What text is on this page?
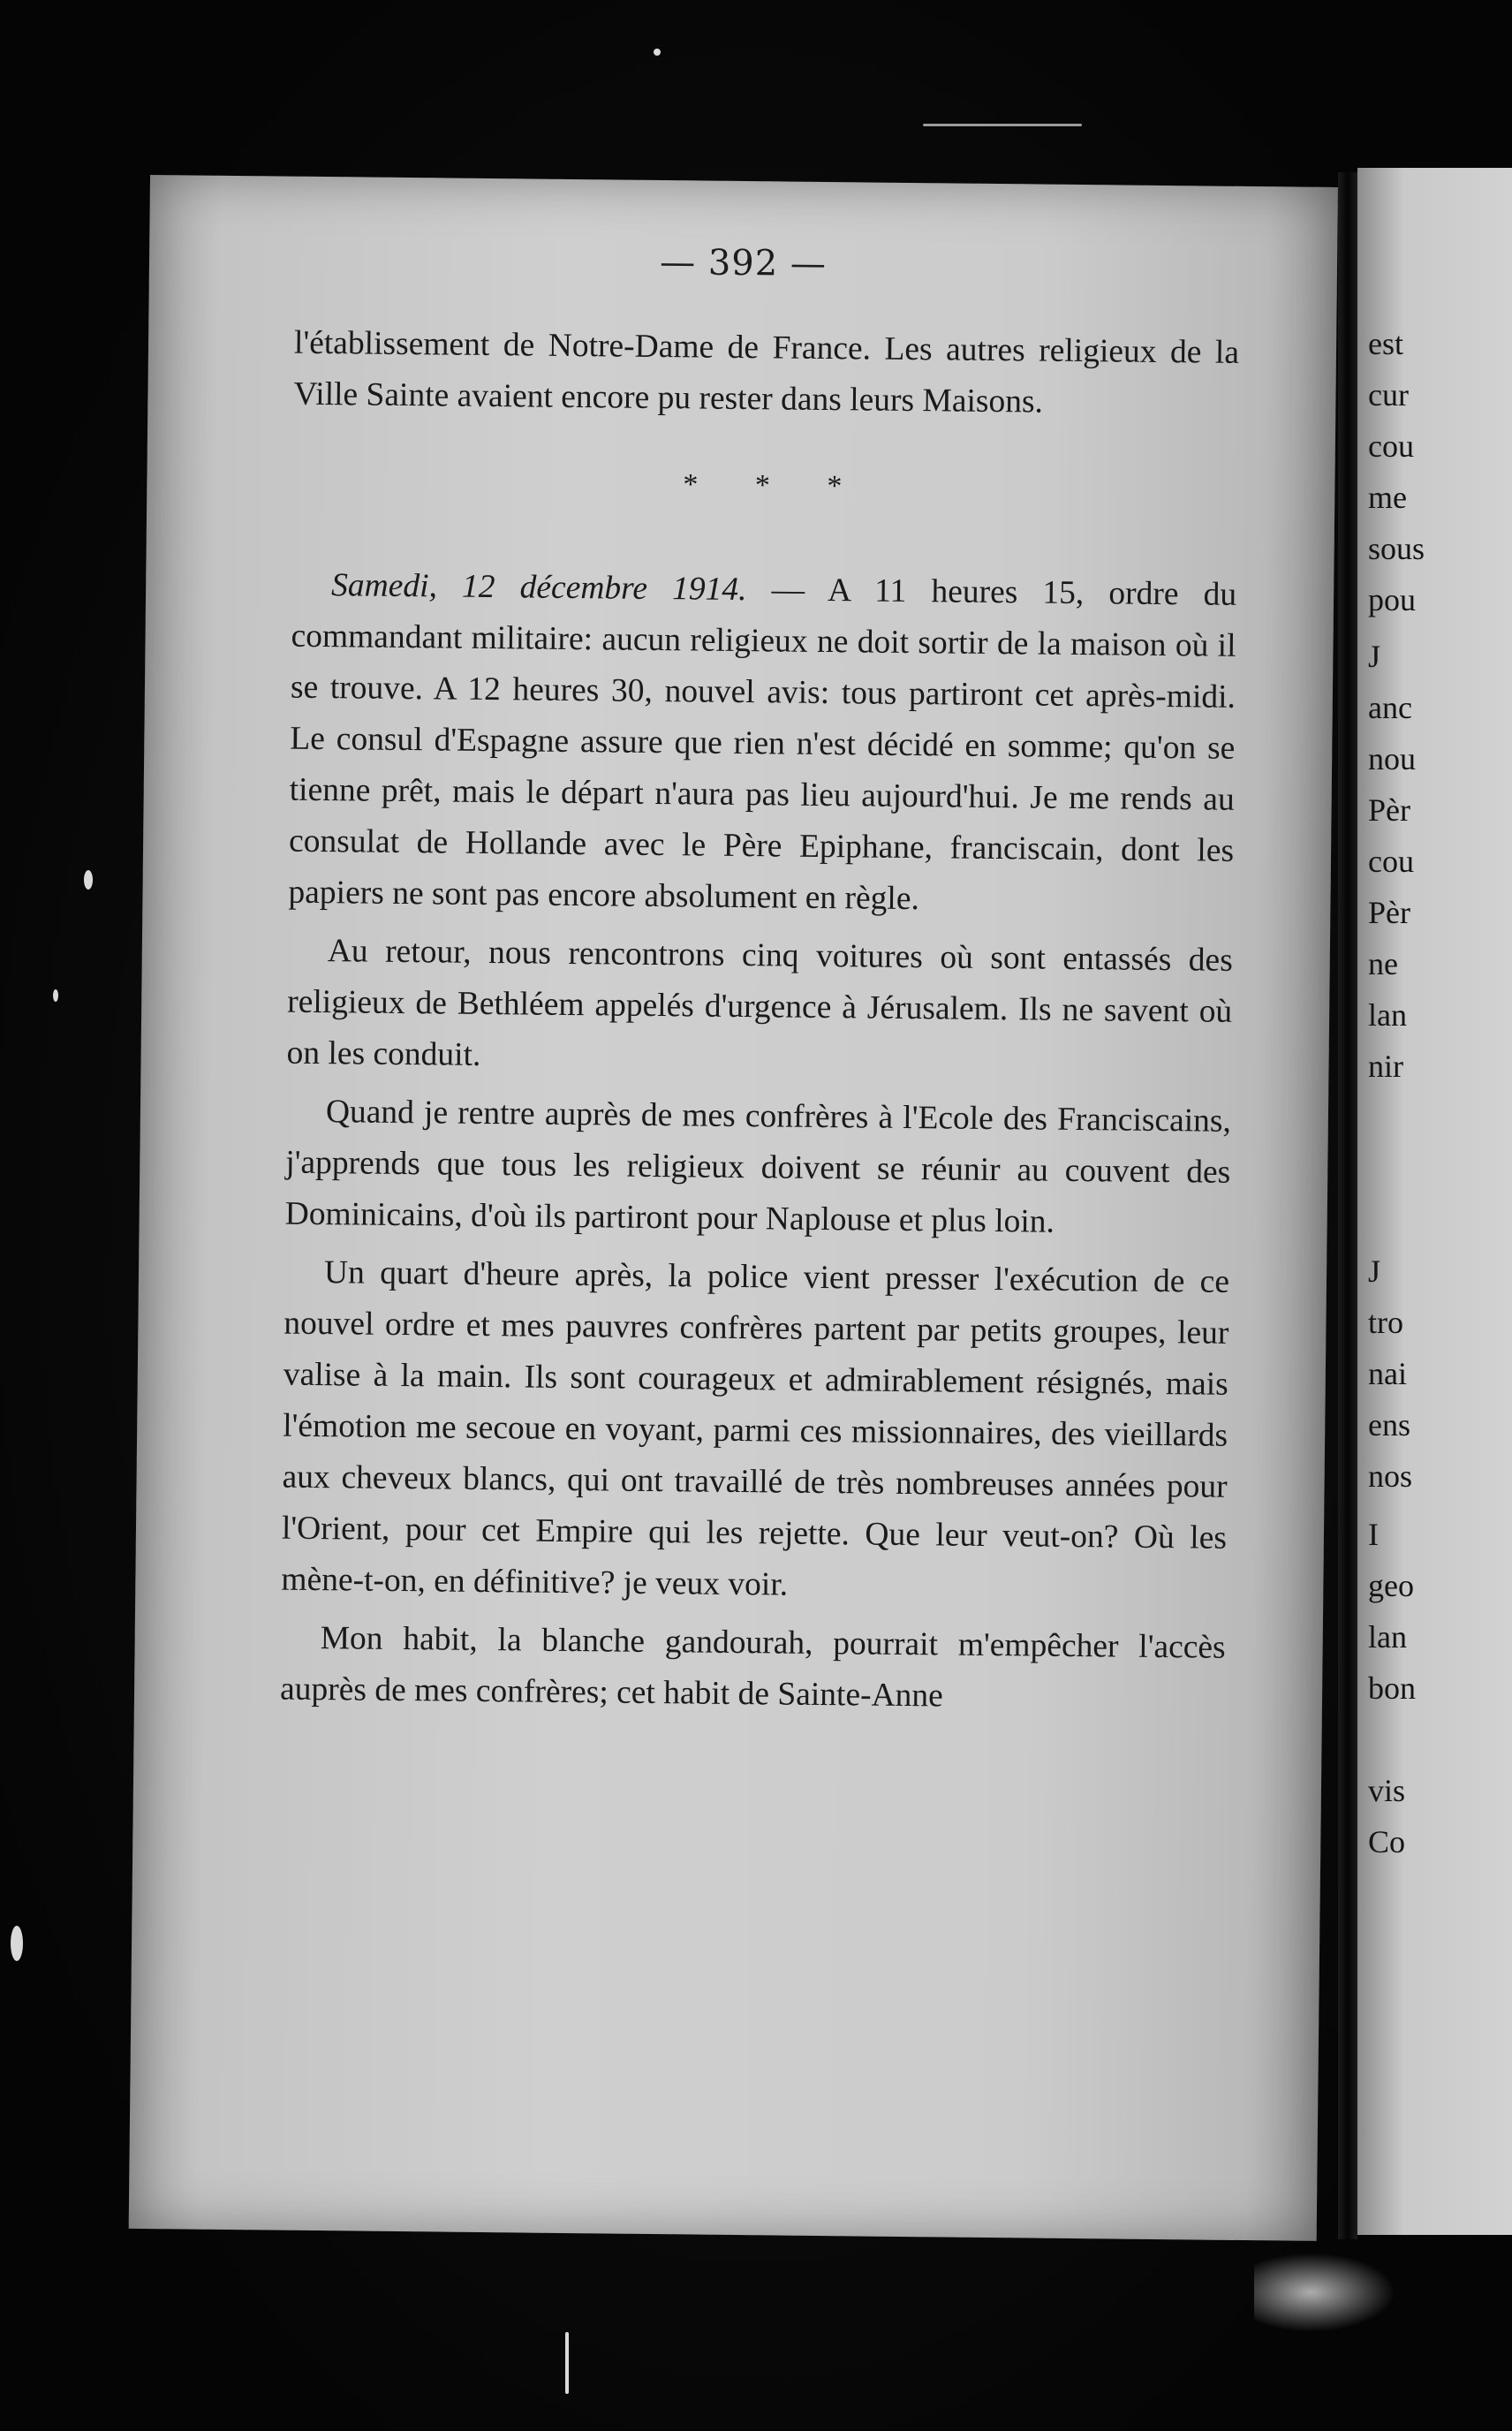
— 392 —

l'établissement de Notre-Dame de France. Les autres religieux de la Ville Sainte avaient encore pu rester dans leurs Maisons.

* * *

Samedi, 12 décembre 1914. — A 11 heures 15, ordre du commandant militaire: aucun religieux ne doit sortir de la maison où il se trouve. A 12 heures 30, nouvel avis: tous partiront cet après-midi. Le consul d'Espagne assure que rien n'est décidé en somme; qu'on se tienne prêt, mais le départ n'aura pas lieu aujourd'hui. Je me rends au consulat de Hollande avec le Père Epiphane, franciscain, dont les papiers ne sont pas encore absolument en règle.

Au retour, nous rencontrons cinq voitures où sont entassés des religieux de Bethléem appelés d'urgence à Jérusalem. Ils ne savent où on les conduit.

Quand je rentre auprès de mes confrères à l'Ecole des Franciscains, j'apprends que tous les religieux doivent se réunir au couvent des Dominicains, d'où ils partiront pour Naplouse et plus loin.

Un quart d'heure après, la police vient presser l'exécution de ce nouvel ordre et mes pauvres confrères partent par petits groupes, leur valise à la main. Ils sont courageux et admirablement résignés, mais l'émotion me secoue en voyant, parmi ces missionnaires, des vieillards aux cheveux blancs, qui ont travaillé de très nombreuses années pour l'Orient, pour cet Empire qui les rejette. Que leur veut-on? Où les mène-t-on, en définitive? je veux voir.

Mon habit, la blanche gandourah, pourrait m'empêcher l'accès auprès de mes confrères; cet habit de Sainte-Anne

est
cur
cou
me
sous
pou
J
anc
nou
Pèr
cou
Pèr
ne
lan
nir
J
tro
nai
ens
nos
I
geo
lan
bon
vis
Co
